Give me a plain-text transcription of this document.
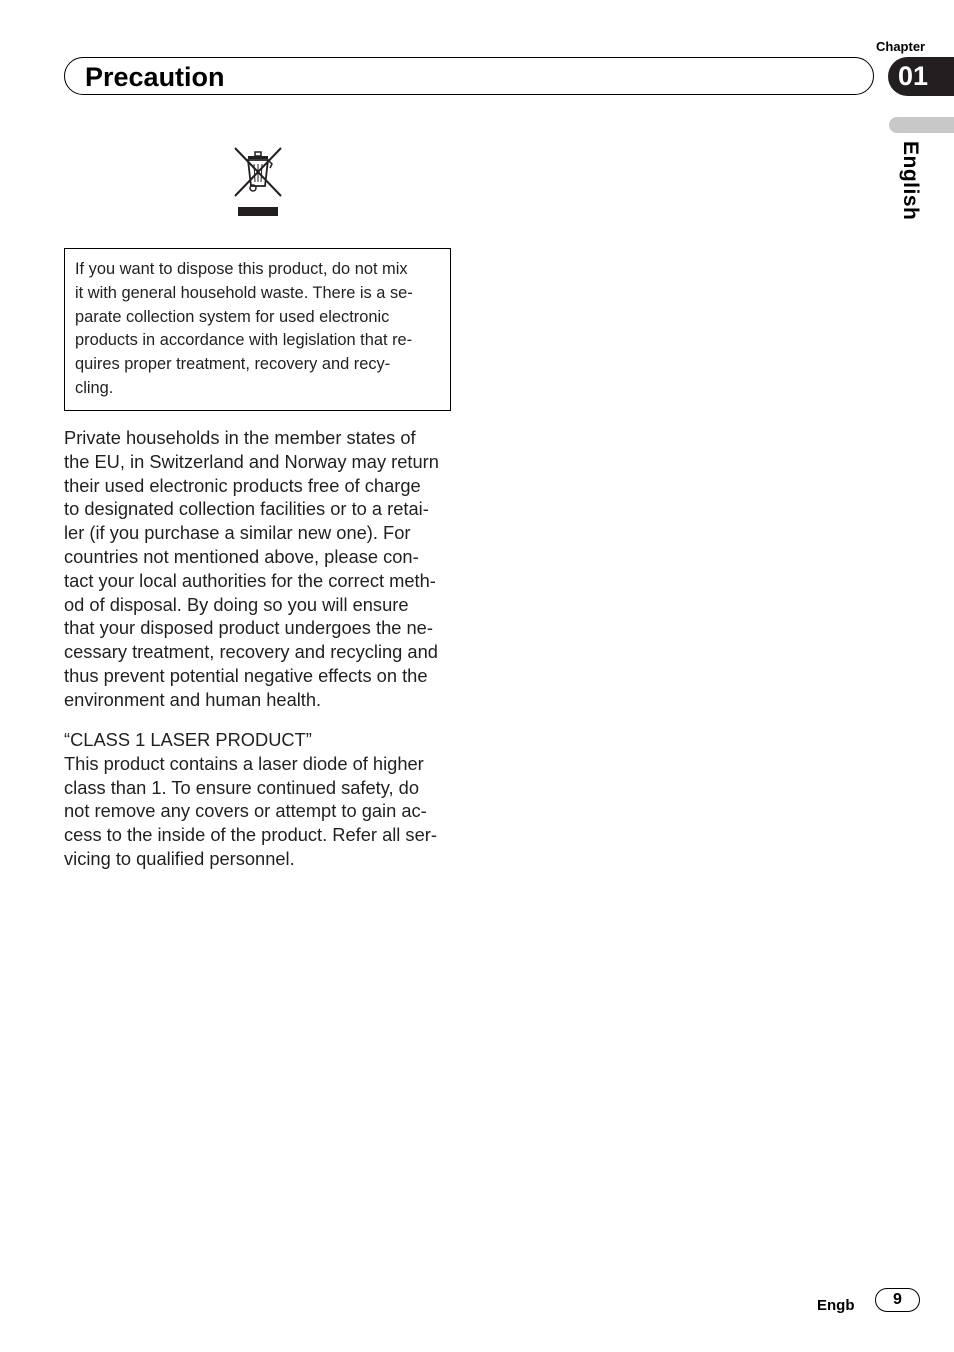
Chapter
Precaution	01
English
If you want to dispose this product, do not mix
it with general household waste. There is a se-
parate collection system for used electronic
products in accordance with legislation that re-
quires proper treatment, recovery and recy-
cling.
Private households in the member states of
the EU, in Switzerland and Norway may return
their used electronic products free of charge
to designated collection facilities or to a retai-
ler (if you purchase a similar new one). For
countries not mentioned above, please con-
tact your local authorities for the correct meth-
od of disposal. By doing so you will ensure
that your disposed product undergoes the ne-
cessary treatment, recovery and recycling and
thus prevent potential negative effects on the
environment and human health.
“CLASS 1 LASER PRODUCT”
This product contains a laser diode of higher
class than 1. To ensure continued safety, do
not remove any covers or attempt to gain ac-
cess to the inside of the product. Refer all ser-
vicing to qualified personnel.
Engb	9
